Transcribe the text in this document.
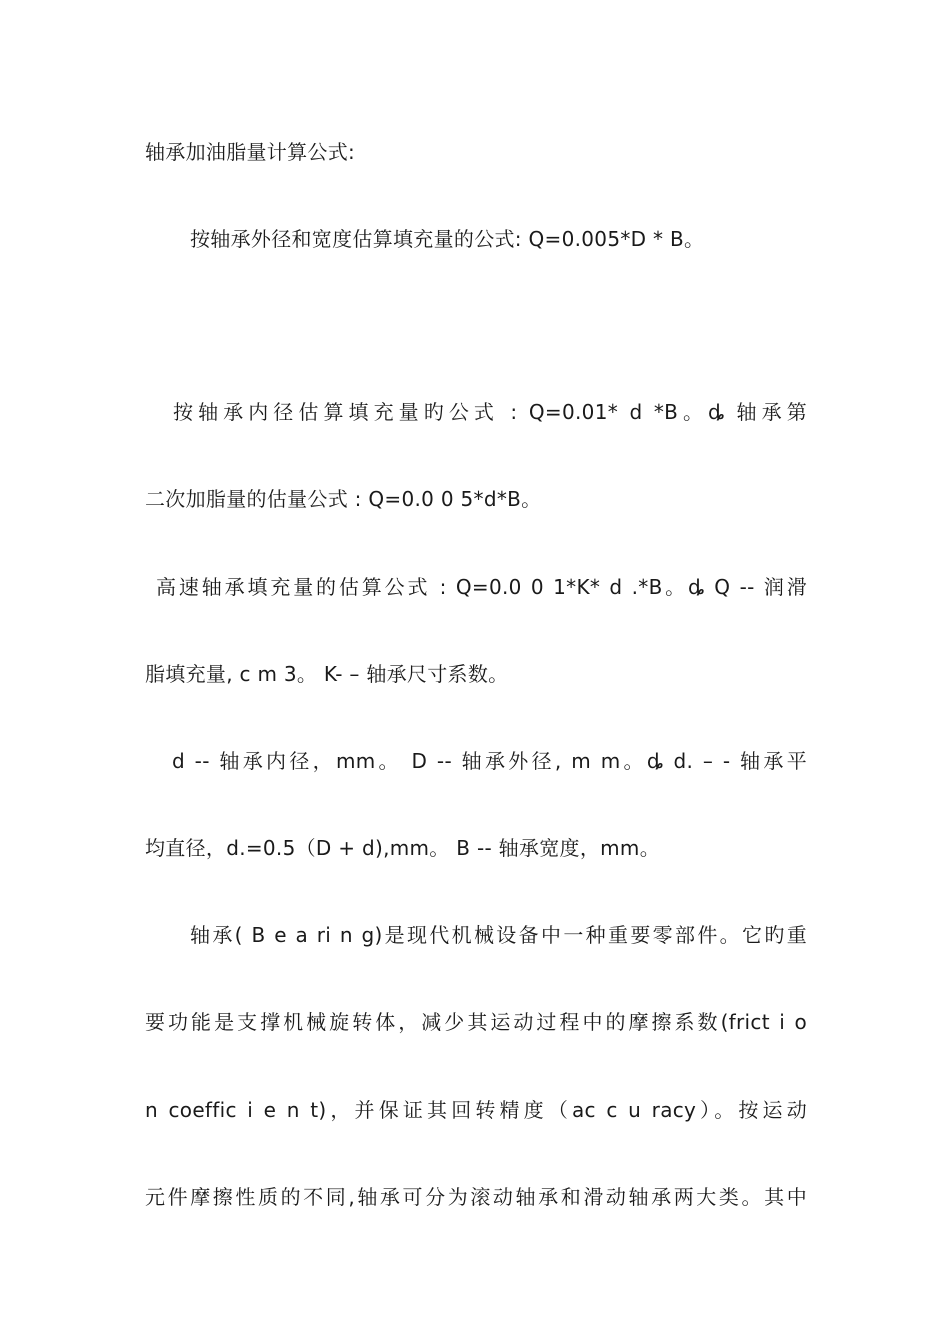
轴承加油脂量计算公式:
按轴承外径和宽度估算填充量的公式: Q=0.005*D * B。
按轴承内径估算填充量旳公式 : Q=0.01* d *B。ȡ 轴承第
二次加脂量的估量公式 : Q=0.0 0 5*d*B。
高速轴承填充量的估算公式 : Q=0.0 0 1*K* d .*B。ȡ Q -- 润滑
脂填充量, c m 3。 K- – 轴承尺寸系数。
d -- 轴承内径，mm。 D -- 轴承外径, m m。ȡ d. – - 轴承平
均直径，d.=0.5（D + d),mm。 B -- 轴承宽度，mm。
轴承( B e a ri n g)是现代机械设备中一种重要零部件。它旳重
要功能是支撑机械旋转体，减少其运动过程中的摩擦系数(frict i o
n coeffic i e n t)，并保证其回转精度（ac c u racy）。按运动
元件摩擦性质的不同,轴承可分为滚动轴承和滑动轴承两大类。其中
